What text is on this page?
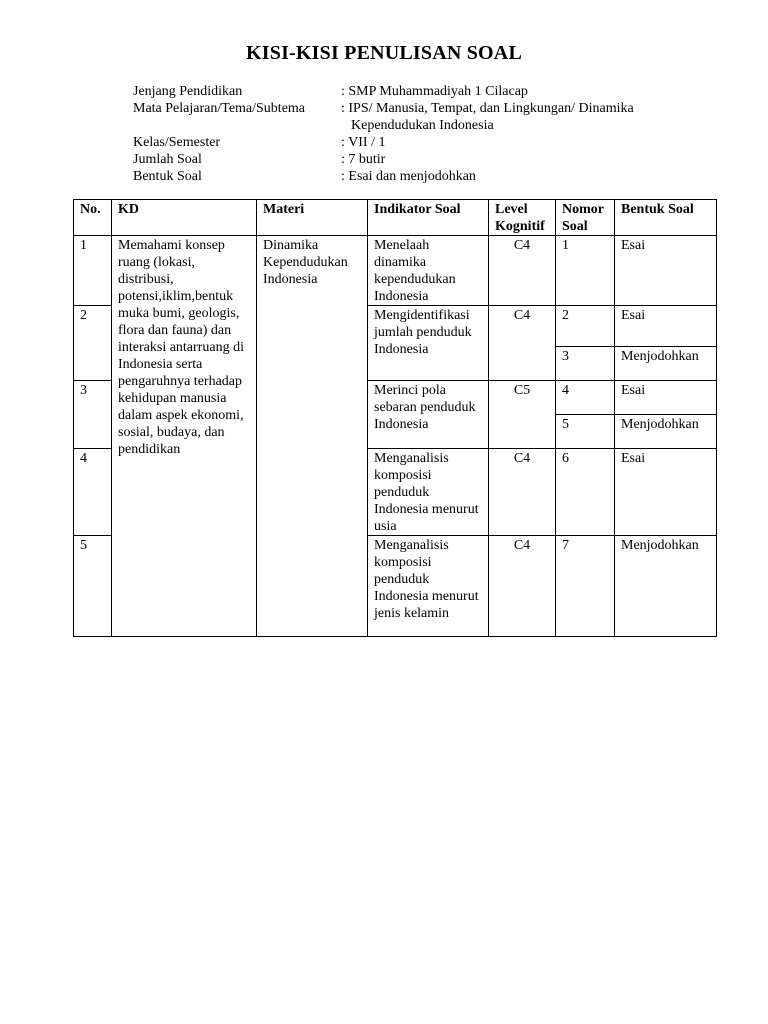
KISI-KISI PENULISAN SOAL
Jenjang Pendidikan	: SMP Muhammadiyah 1 Cilacap
Mata Pelajaran/Tema/Subtema	: IPS/ Manusia, Tempat, dan Lingkungan/ Dinamika
Kependudukan Indonesia
Kelas/Semester	: VII / 1
Jumlah Soal	: 7 butir
Bentuk Soal	: Esai dan menjodohkan
No.	KD	Materi	Indikator Soal	Level Kognitif	Nomor Soal	Bentuk Soal
1	Memahami konsep ruang (lokasi, distribusi, potensi,iklim,bentuk muka bumi, geologis, flora dan fauna) dan interaksi antarruang di Indonesia serta pengaruhnya terhadap kehidupan manusia dalam aspek ekonomi, sosial, budaya, dan pendidikan	Dinamika Kependudukan Indonesia	Menelaah dinamika kependudukan Indonesia	C4	1	Esai
2			Mengidentifikasi jumlah penduduk Indonesia	C4	2	Esai
					3	Menjodohkan
3			Merinci pola sebaran penduduk Indonesia	C5	4	Esai
					5	Menjodohkan
4			Menganalisis komposisi penduduk Indonesia menurut usia	C4	6	Esai
5			Menganalisis komposisi penduduk Indonesia menurut jenis kelamin	C4	7	Menjodohkan
